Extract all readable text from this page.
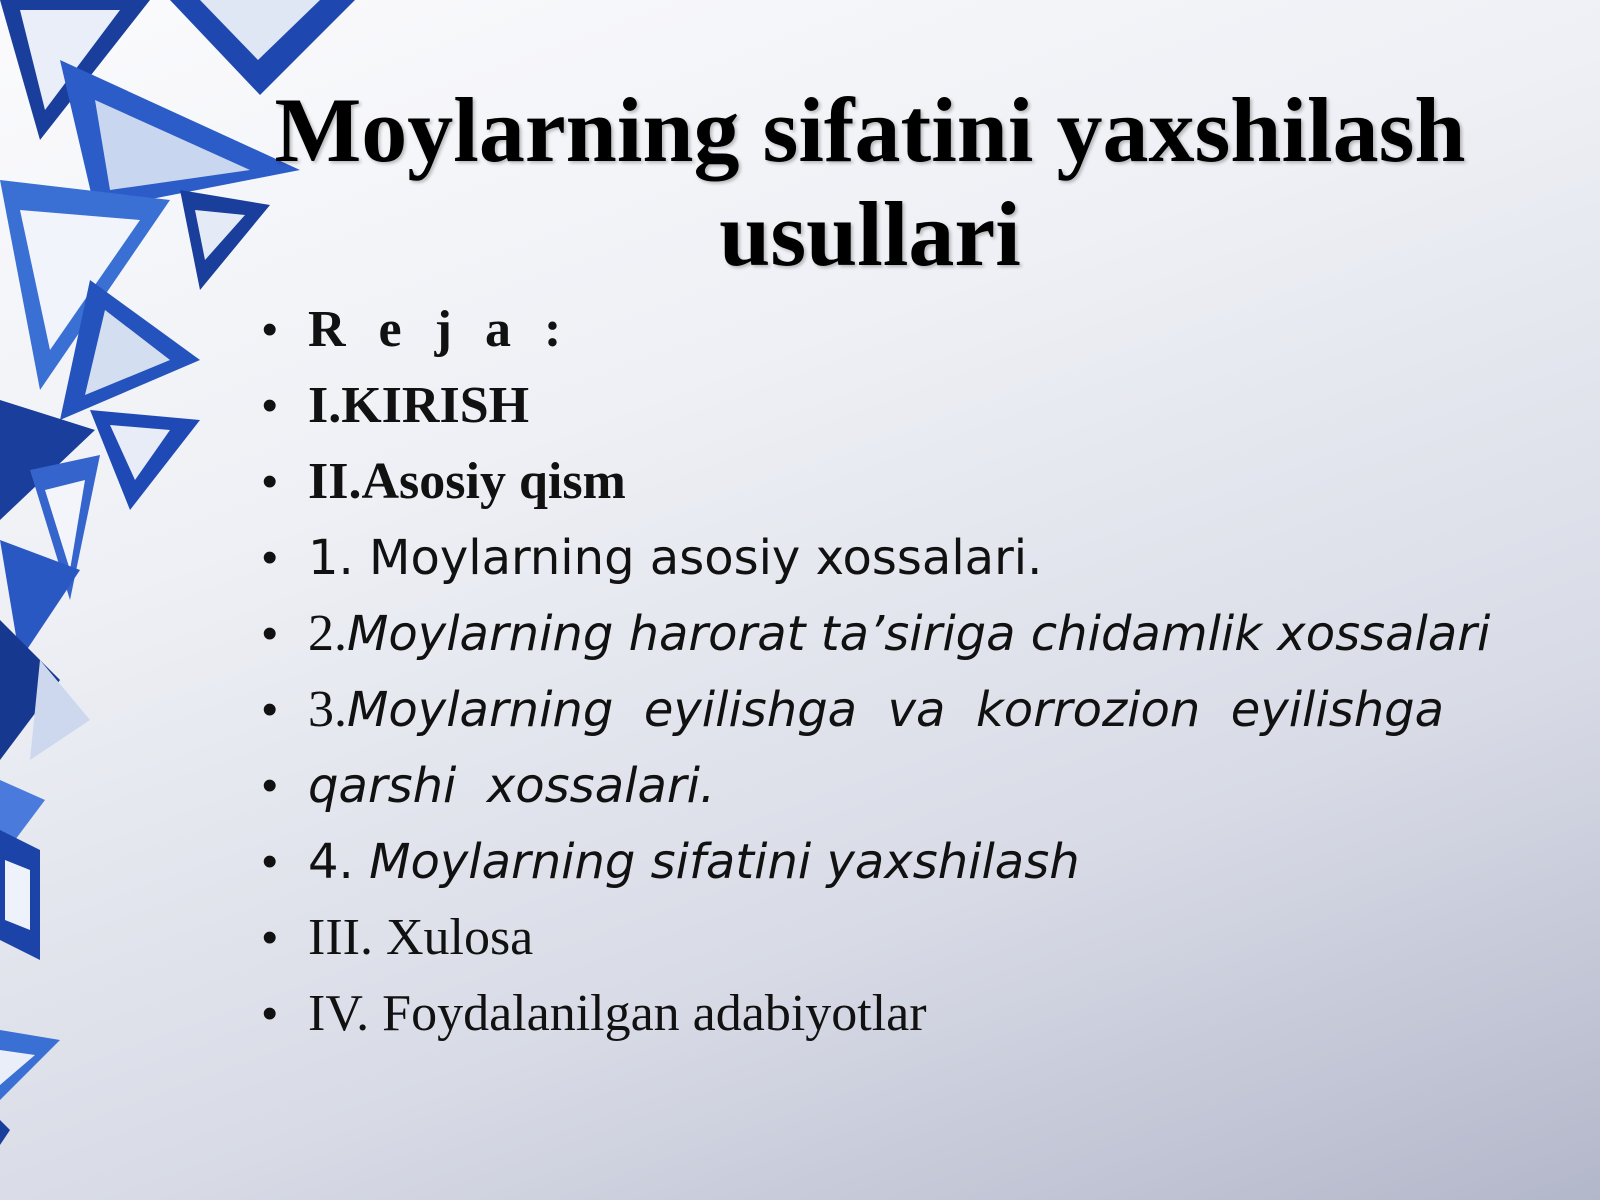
Moylarning sifatini yaxshilash usullari
• R e j a :
• I.KIRISH
• II.Asosiy qism
• 1. Moylarning asosiy xossalari.
• 2.Moylarning harorat ta’siriga chidamlik xossalari
• 3.Moylarning  eyilishga  va  korrozion  eyilishga
• qarshi  xossalari.
• 4. Moylarning sifatini yaxshilash
• III. Xulosa
• IV. Foydalanilgan adabiyotlar
